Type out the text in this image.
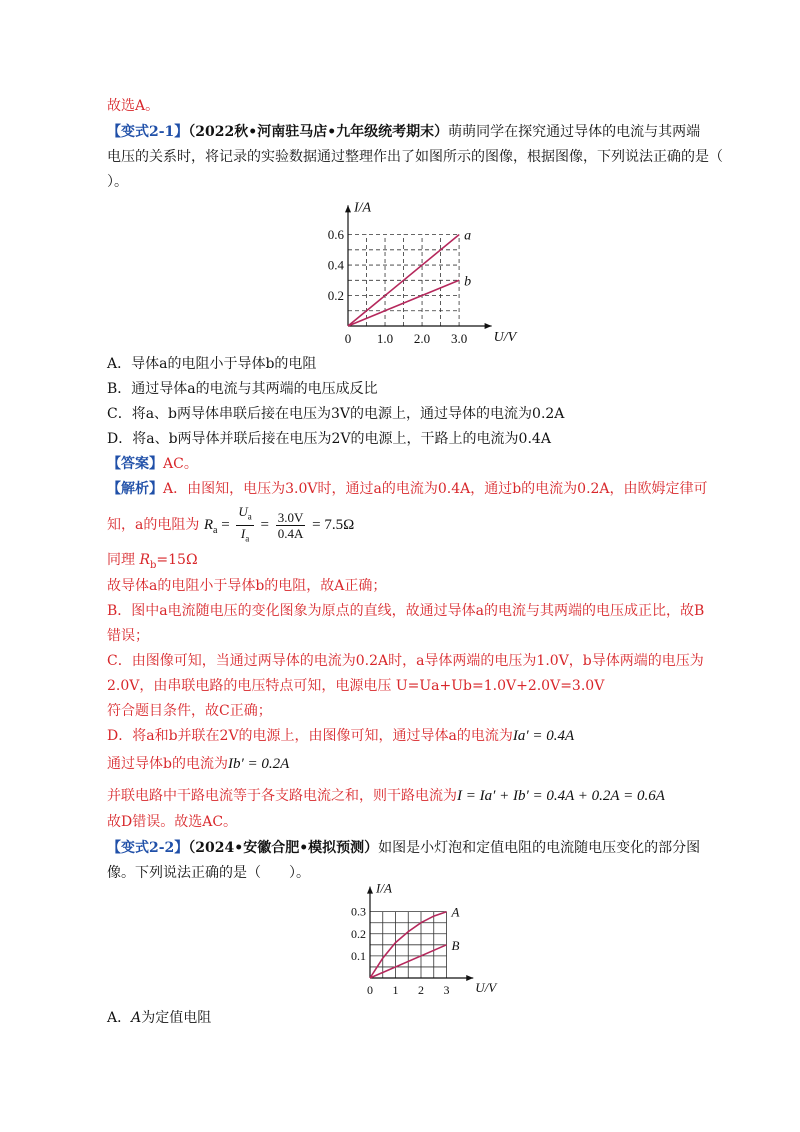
故选A。
【变式2-1】（2022秋•河南驻马店•九年级统考期末）萌萌同学在探究通过导体的电流与其两端
电压的关系时，将记录的实验数据通过整理作出了如图所示的图像，根据图像，下列说法正确的是（
）。
0 1.0 2.0 3.0
0.2
0.4
0.6
U/V
I/A
a
b
A．导体a的电阻小于导体b的电阻
B．通过导体a的电流与其两端的电压成反比
C．将a、b两导体串联后接在电压为3V的电源上，通过导体的电流为0.2A
D．将a、b两导体并联后接在电压为2V的电源上，干路上的电流为0.4A
【答案】AC。
【解析】A．由图知，电压为3.0V时，通过a的电流为0.4A，通过b的电流为0.2A，由欧姆定律可
知，a的电阻为 $R_a = \frac{U_a}{I_a} = \frac{3.0V}{0.4A} = 7.5\Omega$
同理 $R_b=15\Omega$
故导体a的电阻小于导体b的电阻，故A正确；
B．图中a电流随电压的变化图象为原点的直线，故通过导体a的电流与其两端的电压成正比，故B
错误；
C．由图像可知，当通过两导体的电流为0.2A时，a导体两端的电压为1.0V，b导体两端的电压为
2.0V，由串联电路的电压特点可知，电源电压 U=Ua+Ub=1.0V+2.0V=3.0V
符合题目条件，故C正确；
D．将a和b并联在2V的电源上，由图像可知，通过导体a的电流为Ia′ = 0.4A
通过导体b的电流为Ib′ = 0.2A
并联电路中干路电流等于各支路电流之和，则干路电流为I = Ia′ + Ib′ = 0.4A + 0.2A = 0.6A
故D错误。故选AC。
【变式2-2】（2024•安徽合肥•模拟预测）如图是小灯泡和定值电阻的电流随电压变化的部分图
像。下列说法正确的是（　　）。
0 1 2 3
0.1
0.2
0.3
U/V
I/A
A
B
A．A为定值电阻
